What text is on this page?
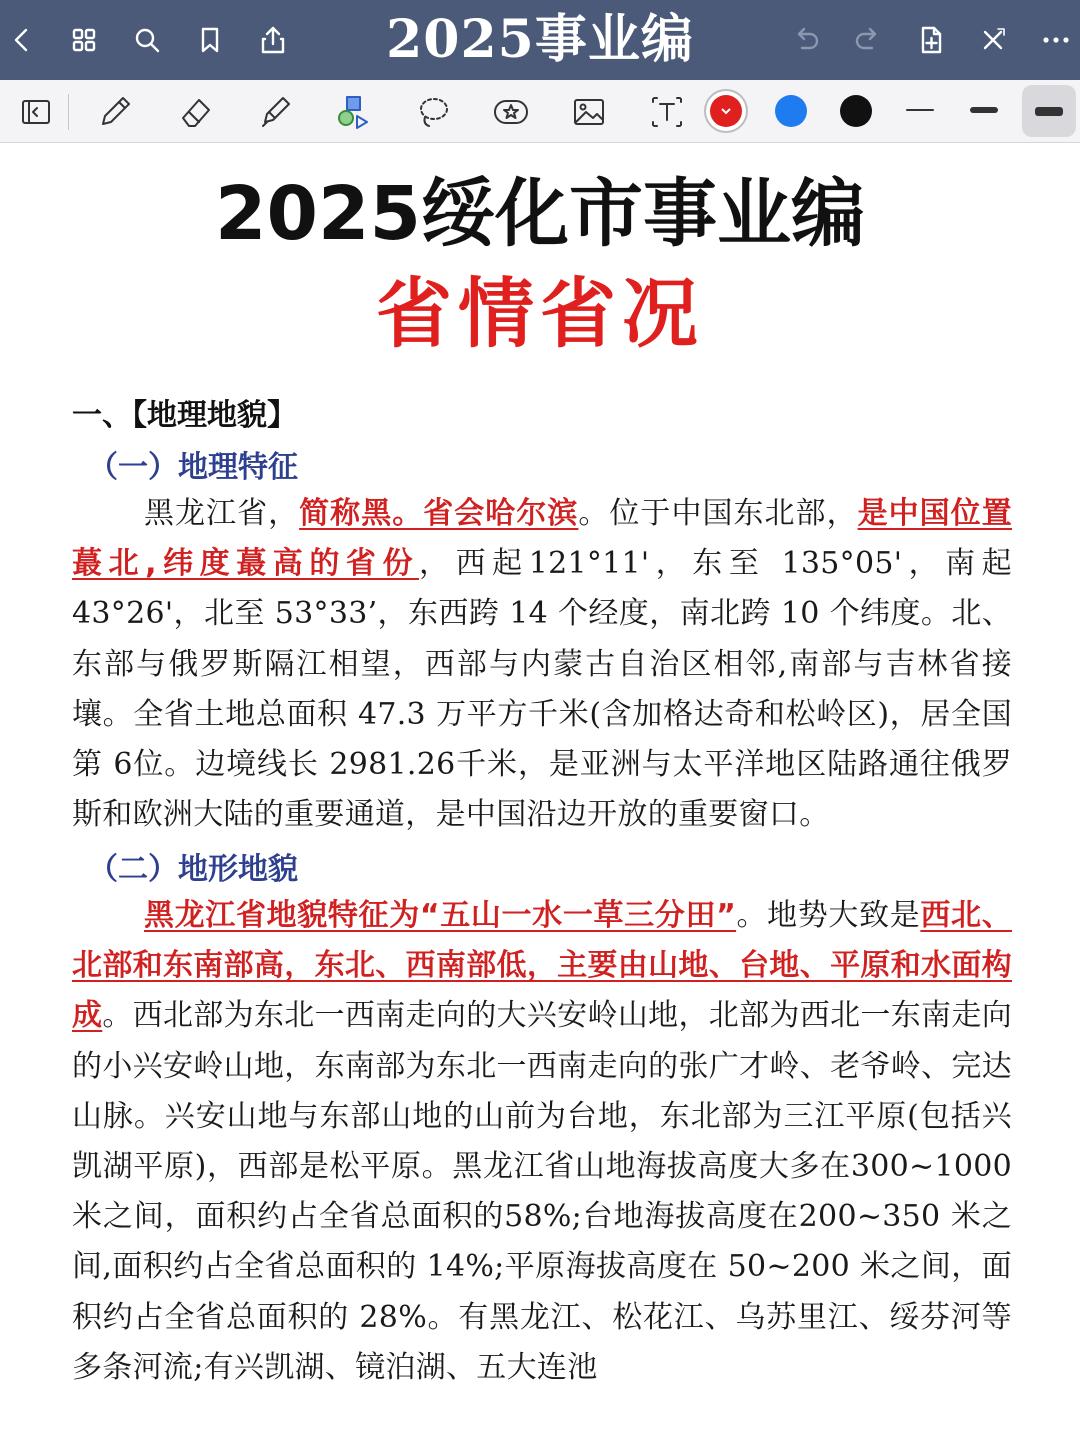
2025事业编
2025绥化市事业编
省情省况
一、【地理地貌】
（一）地理特征

黑龙江省，简称黑。省会哈尔滨。位于中国东北部，是中国位置蕞北,纬度蕞高的省份，西起121°11'，东至 135°05'，南起43°26'，北至 53°33’，东西跨 14 个经度，南北跨 10 个纬度。北、东部与俄罗斯隔江相望，西部与内蒙古自治区相邻,南部与吉林省接壤。全省土地总面积 47.3 万平方千米(含加格达奇和松岭区)，居全国第 6位。边境线长 2981.26千米，是亚洲与太平洋地区陆路通往俄罗斯和欧洲大陆的重要通道，是中国沿边开放的重要窗口。

（二）地形地貌

黑龙江省地貌特征为“五山一水一草三分田”。地势大致是西北、北部和东南部高，东北、西南部低，主要由山地、台地、平原和水面构成。西北部为东北一西南走向的大兴安岭山地，北部为西北一东南走向的小兴安岭山地，东南部为东北一西南走向的张广才岭、老爷岭、完达山脉。兴安山地与东部山地的山前为台地，东北部为三江平原(包括兴凯湖平原)，西部是松平原。黑龙江省山地海拔高度大多在300~1000 米之间，面积约占全省总面积的58%;台地海拔高度在200~350 米之间,面积约占全省总面积的 14%;平原海拔高度在 50~200 米之间，面积约占全省总面积的 28%。有黑龙江、松花江、乌苏里江、绥芬河等多条河流;有兴凯湖、镜泊湖、五大连池
